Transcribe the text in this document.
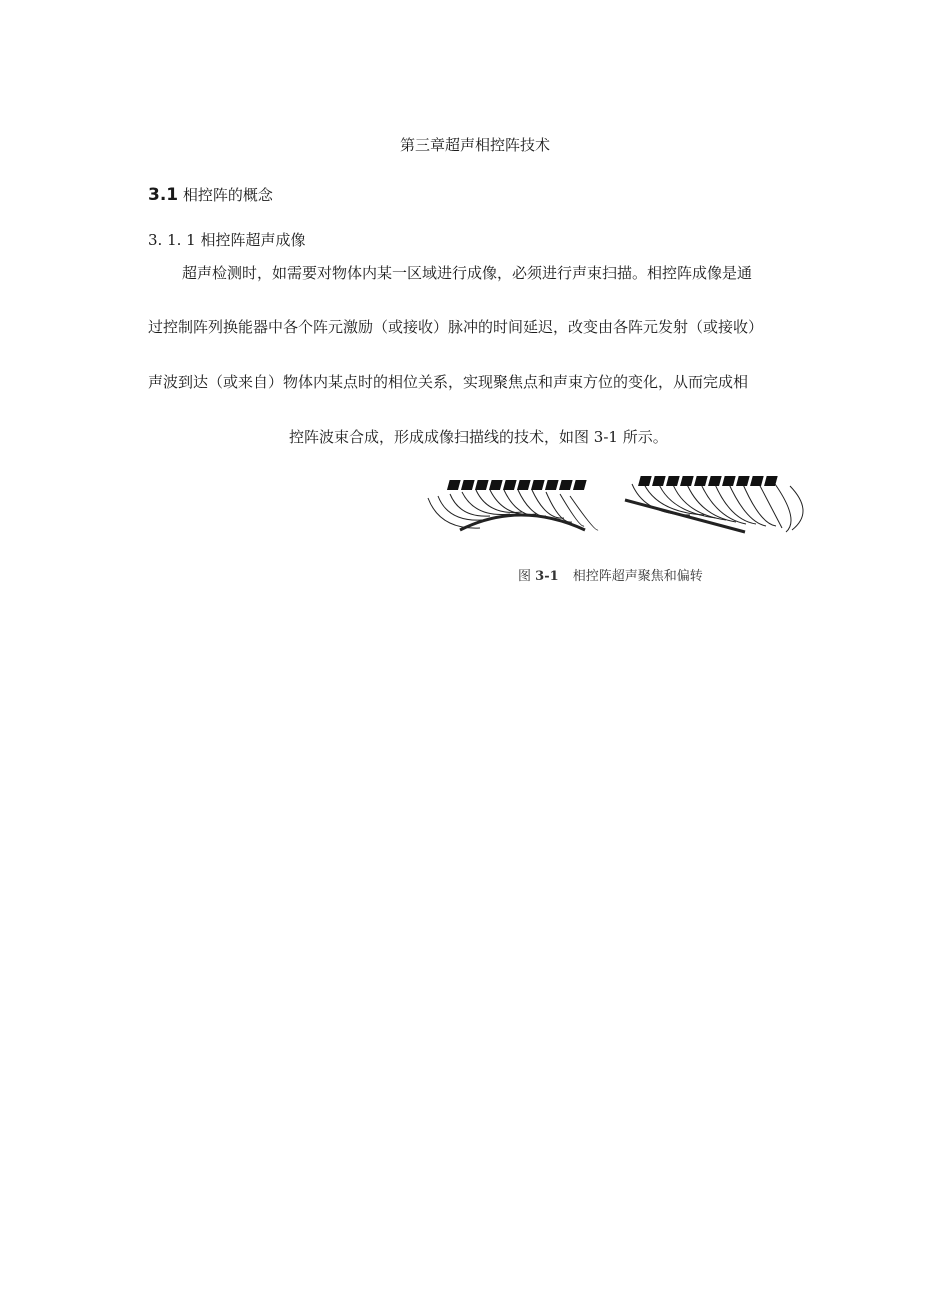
第三章超声相控阵技术
3.1 相控阵的概念
3. 1. 1 相控阵超声成像
超声检测时，如需要对物体内某一区域进行成像，必须进行声束扫描。相控阵成像是通
过控制阵列换能器中各个阵元激励（或接收）脉冲的时间延迟，改变由各阵元发射（或接收）
声波到达（或来自）物体内某点时的相位关系，实现聚焦点和声束方位的变化，从而完成相
控阵波束合成，形成成像扫描线的技术，如图 3-1 所示。
图 3-1 相控阵超声聚焦和偏转
